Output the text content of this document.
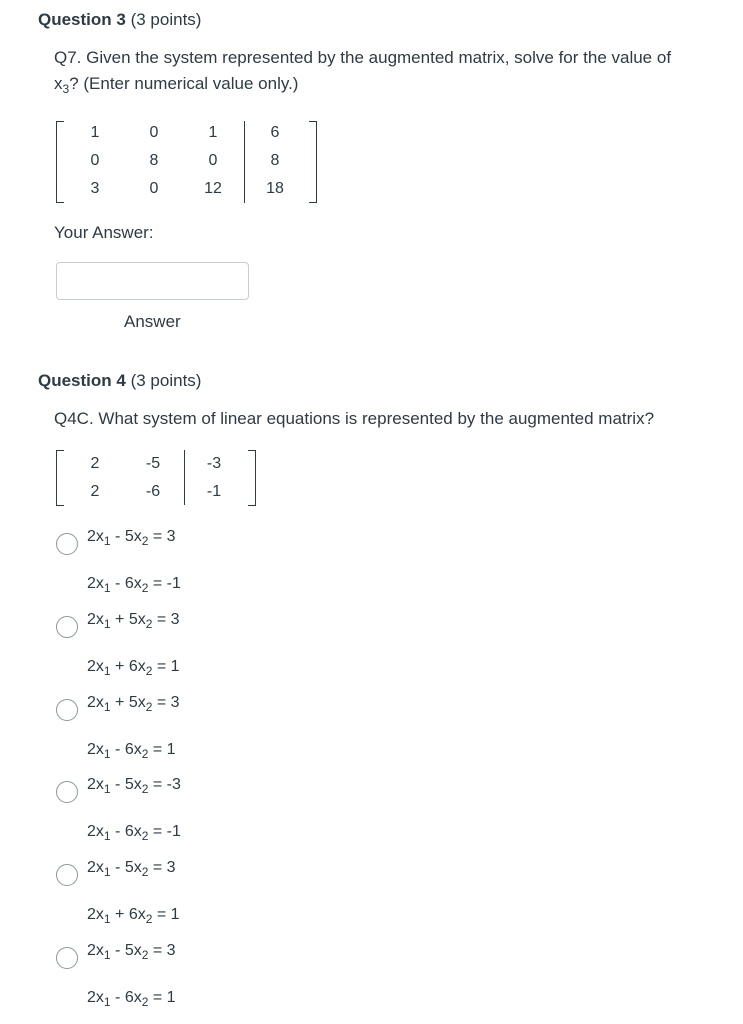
Question 3 (3 points)
Q7. Given the system represented by the augmented matrix, solve for the value of
$x_3$? (Enter numerical value only.)
1	0	1	6
0	8	0	8
3	0	12	18
Your Answer:
Answer
Question 4 (3 points)
Q4C. What system of linear equations is represented by the augmented matrix?
2	-5	-3
2	-6	-1
$2x_1 - 5x_2 = 3$
$2x_1 - 6x_2 = -1$
$2x_1 + 5x_2 = 3$
$2x_1 + 6x_2 = 1$
$2x_1 + 5x_2 = 3$
$2x_1 - 6x_2 = 1$
$2x_1 - 5x_2 = -3$
$2x_1 - 6x_2 = -1$
$2x_1 - 5x_2 = 3$
$2x_1 + 6x_2 = 1$
$2x_1 - 5x_2 = 3$
$2x_1 - 6x_2 = 1$
